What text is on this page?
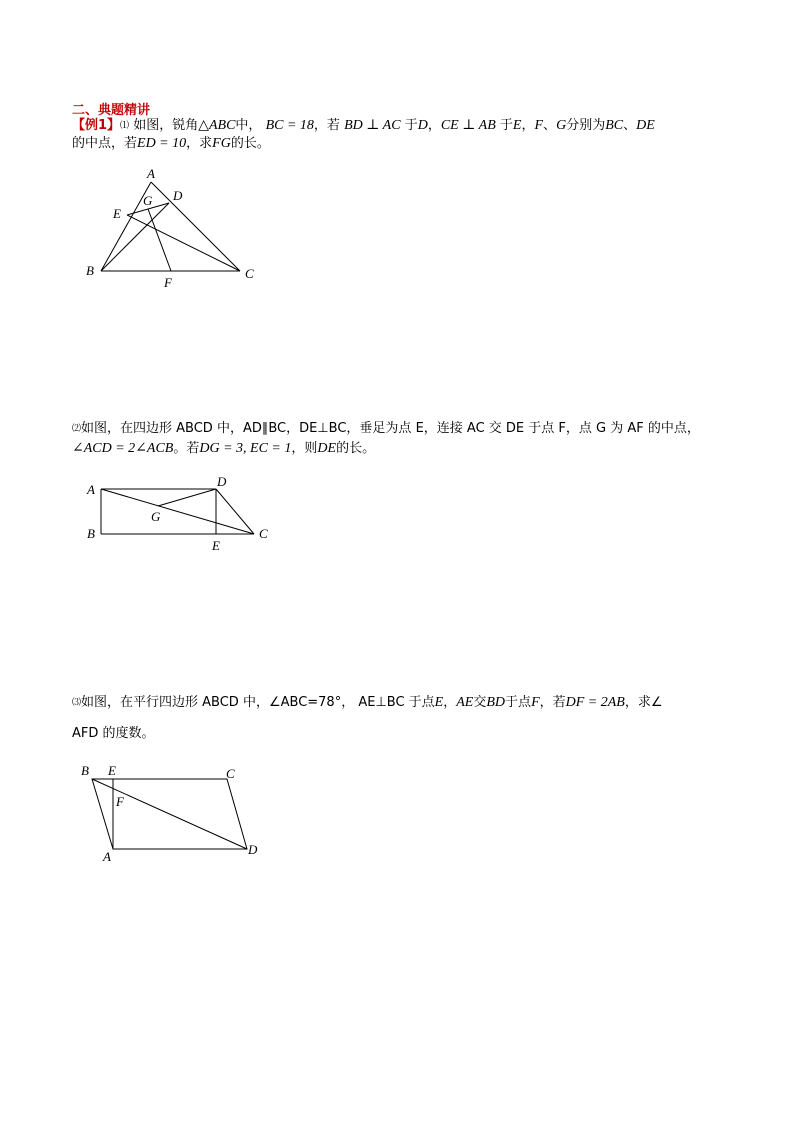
二、典题精讲
【例1】⑴ 如图，锐角△ABC中， BC = 18，若 BD ⊥ AC 于D，CE ⊥ AB 于E，F、G分别为BC、DE
的中点，若ED = 10，求FG的长。
A
D
G
E
B	C
F
⑵如图，在四边形 ABCD 中，AD∥BC，DE⊥BC，垂足为点 E，连接 AC 交 DE 于点 F，点 G 为 AF 的中点，
∠ACD = 2∠ACB。若DG = 3, EC = 1，则DE的长。
A
D
G
B
E
C
⑶如图，在平行四边形 ABCD 中，∠ABC=78°， AE⊥BC 于点E，AE交BD于点F，若DF = 2AB，求∠
AFD 的度数。
B E	C
F
A	D
